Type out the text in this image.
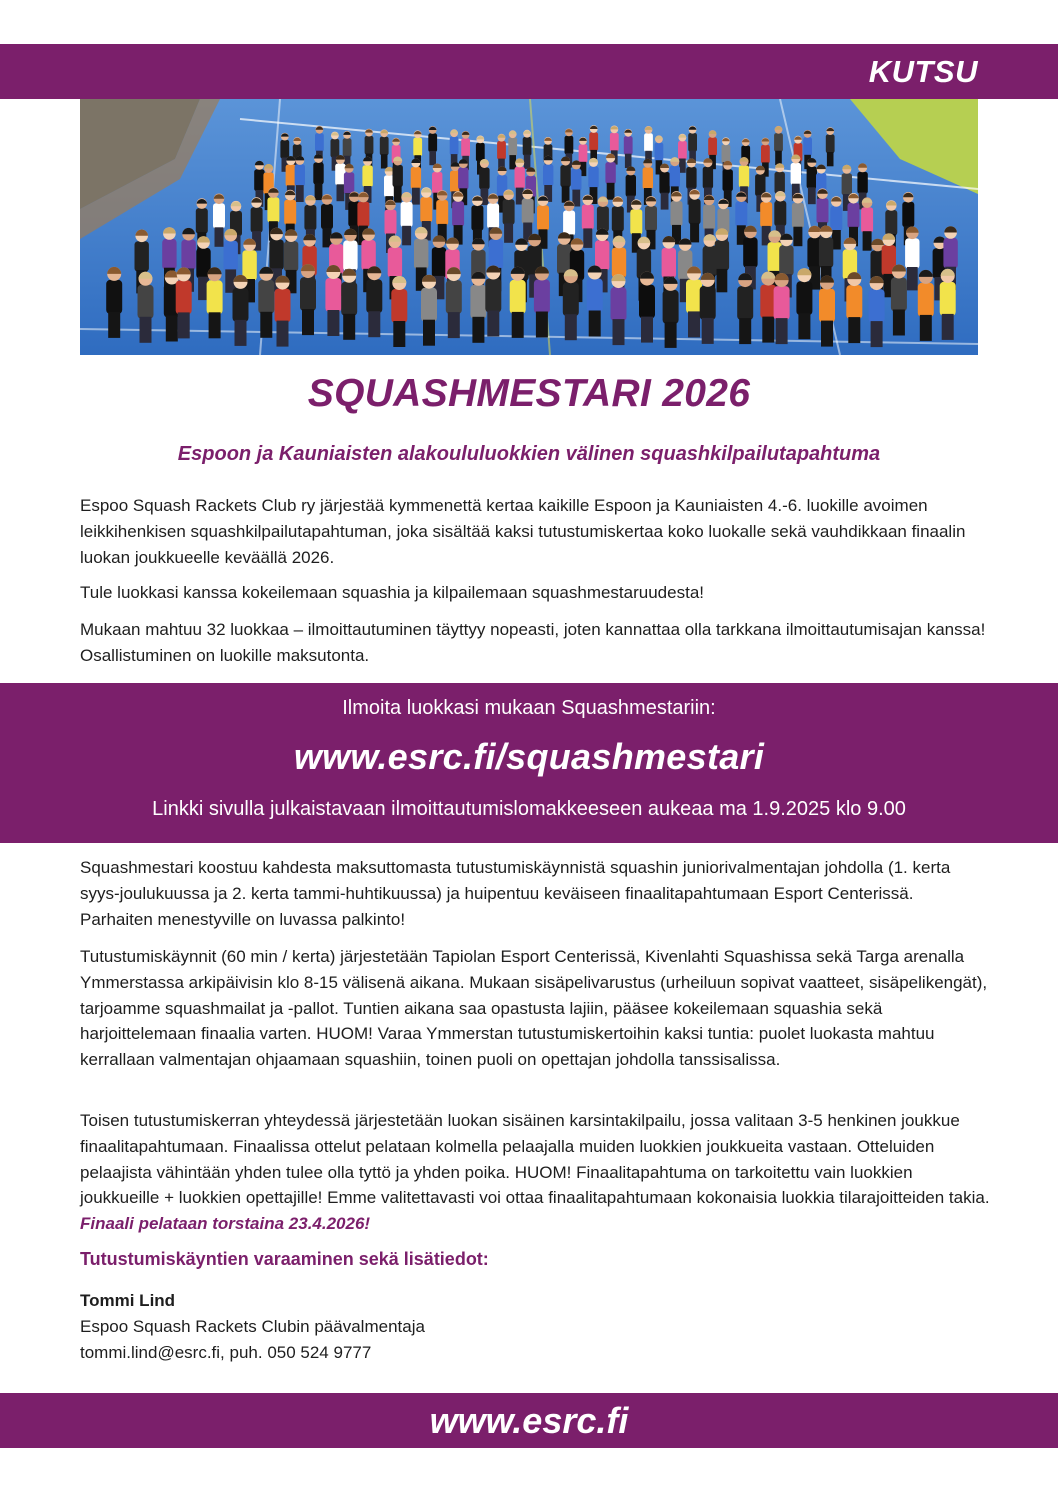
KUTSU
SQUASHMESTARI 2026
Espoon ja Kauniaisten alakoululuokkien välinen squashkilpailutapahtuma

Espoo Squash Rackets Club ry järjestää kymmenettä kertaa kaikille Espoon ja Kauniaisten 4.-6. luokille avoimen leikkihenkisen squashkilpailutapahtuman, joka sisältää kaksi tutustumiskertaa koko luokalle sekä vauhdikkaan finaalin luokan joukkueelle keväällä 2026.

Tule luokkasi kanssa kokeilemaan squashia ja kilpailemaan squashmestaruudesta!

Mukaan mahtuu 32 luokkaa – ilmoittautuminen täyttyy nopeasti, joten kannattaa olla tarkkana ilmoittautumisajan kanssa! Osallistuminen on luokille maksutonta.

Ilmoita luokkasi mukaan Squashmestariin:
www.esrc.fi/squashmestari
Linkki sivulla julkaistavaan ilmoittautumislomakkeeseen aukeaa ma 1.9.2025 klo 9.00

Squashmestari koostuu kahdesta maksuttomasta tutustumiskäynnistä squashin juniorivalmentajan johdolla (1. kerta syys-joulukuussa ja 2. kerta tammi-huhtikuussa) ja huipentuu keväiseen finaalitapahtumaan Esport Centerissä. Parhaiten menestyville on luvassa palkinto!

Tutustumiskäynnit (60 min / kerta) järjestetään Tapiolan Esport Centerissä, Kivenlahti Squashissa sekä Targa arenalla Ymmerstassa arkipäivisin klo 8-15 välisenä aikana. Mukaan sisäpelivarustus (urheiluun sopivat vaatteet, sisäpelikengät), tarjoamme squashmailat ja -pallot. Tuntien aikana saa opastusta lajiin, pääsee kokeilemaan squashia sekä harjoittelemaan finaalia varten. HUOM! Varaa Ymmerstan tutustumiskertoihin kaksi tuntia: puolet luokasta mahtuu kerrallaan valmentajan ohjaamaan squashiin, toinen puoli on opettajan johdolla tanssisalissa.

Toisen tutustumiskerran yhteydessä järjestetään luokan sisäinen karsintakilpailu, jossa valitaan 3-5 henkinen joukkue finaalitapahtumaan. Finaalissa ottelut pelataan kolmella pelaajalla muiden luokkien joukkueita vastaan. Otteluiden pelaajista vähintään yhden tulee olla tyttö ja yhden poika. HUOM! Finaalitapahtuma on tarkoitettu vain luokkien joukkueille + luokkien opettajille! Emme valitettavasti voi ottaa finaalitapahtumaan kokonaisia luokkia tilarajoitteiden takia. Finaali pelataan torstaina 23.4.2026!

Tutustumiskäyntien varaaminen sekä lisätiedot:
Tommi Lind
Espoo Squash Rackets Clubin päävalmentaja
tommi.lind@esrc.fi, puh. 050 524 9777
www.esrc.fi
